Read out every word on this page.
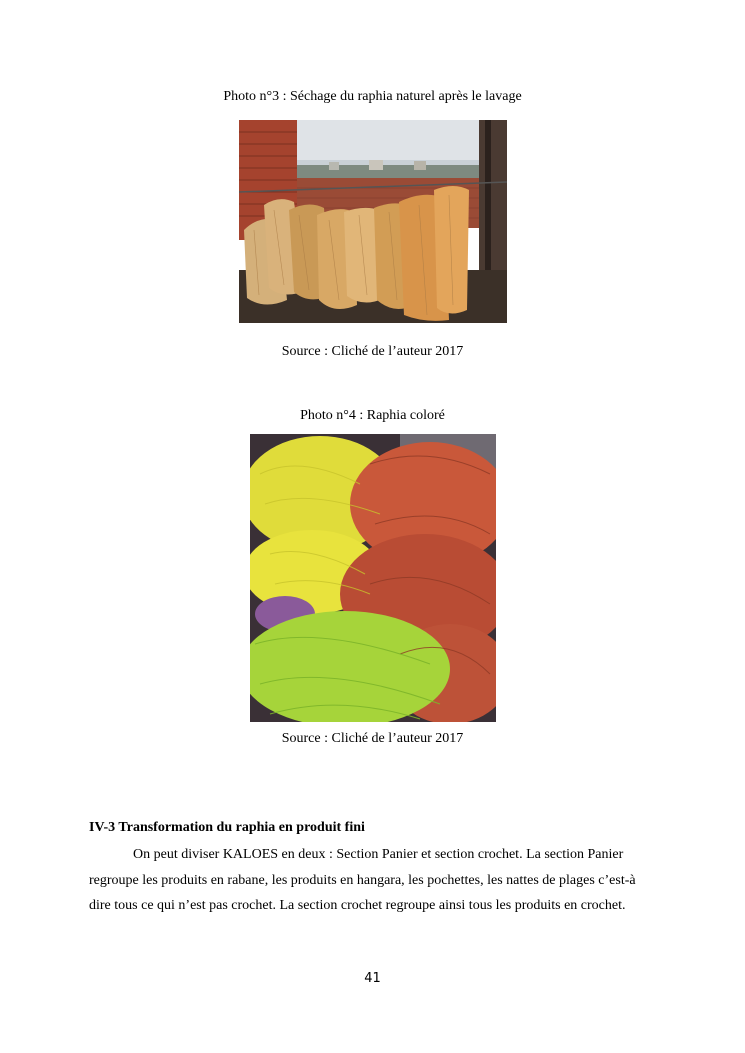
Photo n°3 : Séchage du raphia naturel après le lavage
Source : Cliché de l’auteur 2017
Photo n°4 : Raphia coloré
Source : Cliché de l’auteur 2017
IV-3 Transformation du raphia en produit fini
On peut diviser KALOES en deux : Section Panier et section crochet. La section Panier regroupe les produits en rabane, les produits en hangara, les pochettes, les nattes de plages c’est-à dire tous ce qui n’est pas crochet. La section crochet regroupe ainsi tous les produits en crochet.
41
